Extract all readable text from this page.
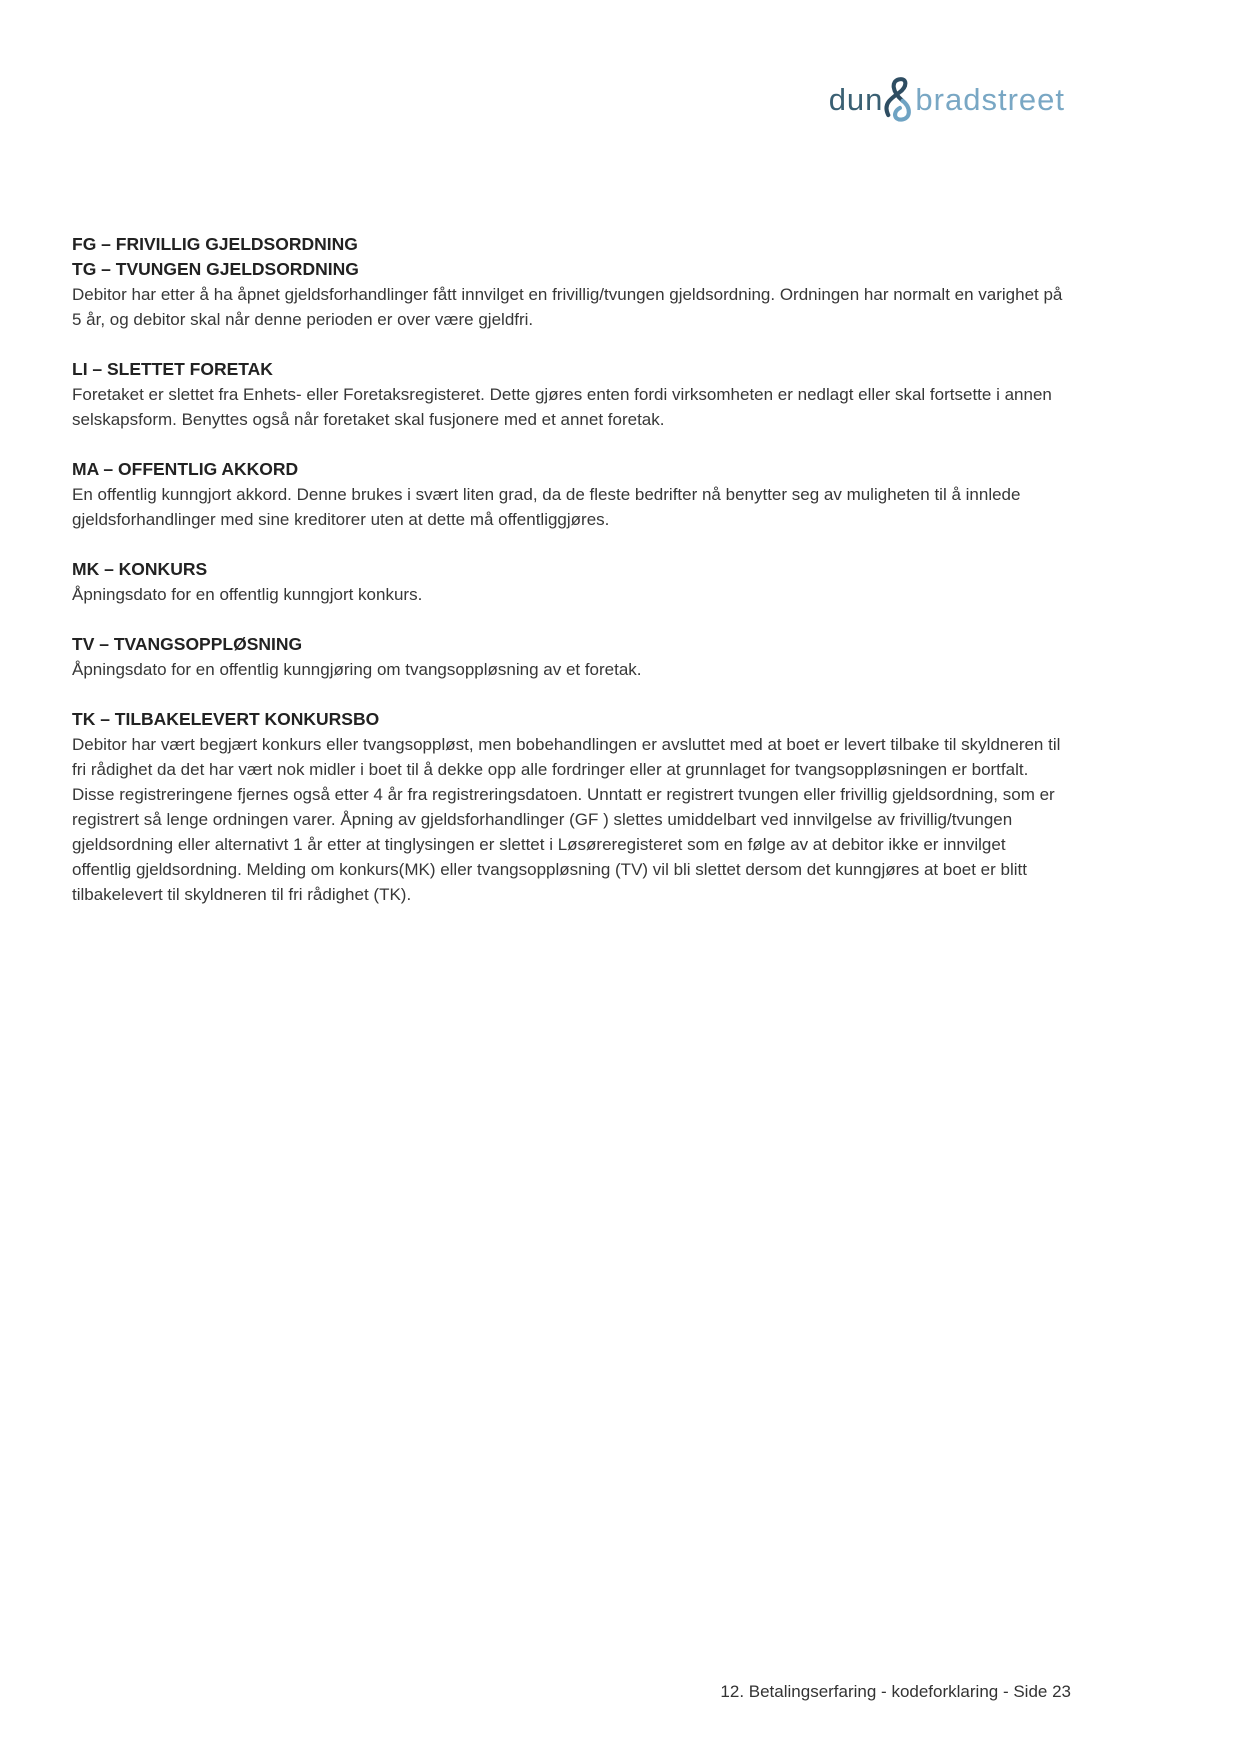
dun bradstreet
FG – FRIVILLIG GJELDSORDNING
TG – TVUNGEN GJELDSORDNING

Debitor har etter å ha åpnet gjeldsforhandlinger fått innvilget en frivillig/tvungen gjeldsordning. Ordningen har normalt en varighet på 5 år, og debitor skal når denne perioden er over være gjeldfri.

LI – SLETTET FORETAK

Foretaket er slettet fra Enhets- eller Foretaksregisteret. Dette gjøres enten fordi virksomheten er nedlagt eller skal fortsette i annen selskapsform. Benyttes også når foretaket skal fusjonere med et annet foretak.

MA – OFFENTLIG AKKORD

En offentlig kunngjort akkord. Denne brukes i svært liten grad, da de fleste bedrifter nå benytter seg av muligheten til å innlede gjeldsforhandlinger med sine kreditorer uten at dette må offentliggjøres.

MK – KONKURS

Åpningsdato for en offentlig kunngjort konkurs.

TV – TVANGSOPPLØSNING

Åpningsdato for en offentlig kunngjøring om tvangsoppløsning av et foretak.

TK – TILBAKELEVERT KONKURSBO

Debitor har vært begjært konkurs eller tvangsoppløst, men bobehandlingen er avsluttet med at boet er levert tilbake til skyldneren til fri rådighet da det har vært nok midler i boet til å dekke opp alle fordringer eller at grunnlaget for tvangsoppløsningen er bortfalt. Disse registreringene fjernes også etter 4 år fra registreringsdatoen. Unntatt er registrert tvungen eller frivillig gjeldsordning, som er registrert så lenge ordningen varer. Åpning av gjeldsforhandlinger (GF ) slettes umiddelbart ved innvilgelse av frivillig/tvungen gjeldsordning eller alternativt 1 år etter at tinglysingen er slettet i Løsøreregisteret som en følge av at debitor ikke er innvilget offentlig gjeldsordning. Melding om konkurs(MK) eller tvangsoppløsning (TV) vil bli slettet dersom det kunngjøres at boet er blitt tilbakelevert til skyldneren til fri rådighet (TK).

12. Betalingserfaring - kodeforklaring - Side 23
